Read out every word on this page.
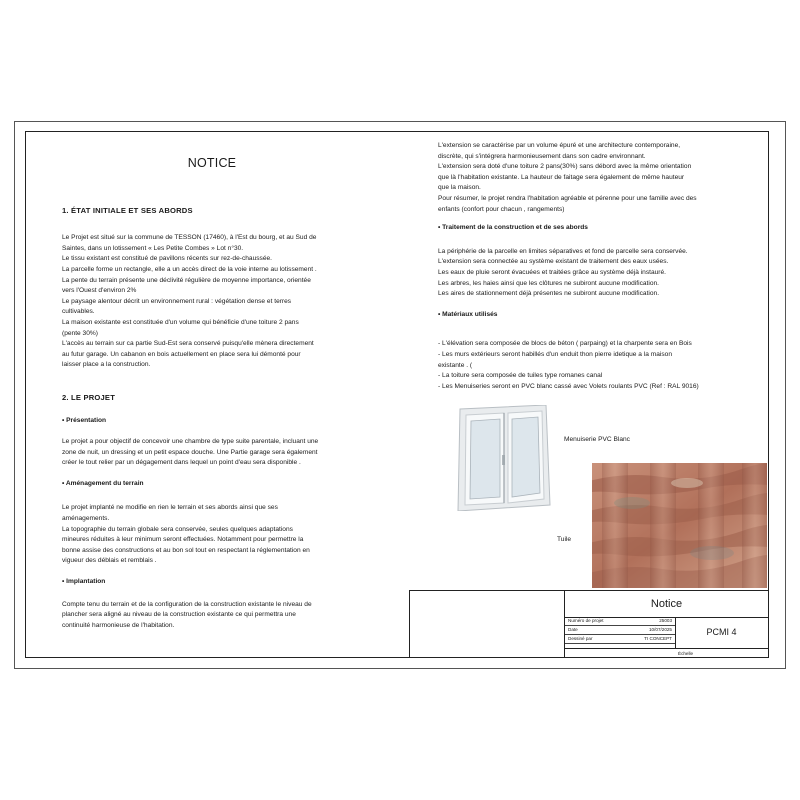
NOTICE
1. ÉTAT INITIALE ET SES ABORDS

Le Projet est situé sur la commune de TESSON (17460), à l'Est du bourg, et au Sud de

Saintes, dans un lotissement « Les Petite Combes » Lot n°30.

Le tissu existant est constitué de pavillons récents sur rez-de-chaussée.

La parcelle forme un rectangle, elle a un accès direct de la voie interne au lotissement .

La pente du terrain présente une déclivité régulière de moyenne importance, orientée

vers l'Ouest d'environ 2%

Le paysage alentour décrit un environnement rural : végétation dense et terres

cultivables.

La maison existante est constituée d'un volume qui bénéficie d'une toiture 2 pans

(pente 30%)

L'accès au terrain sur ca partie Sud-Est sera conservé puisqu'elle mènera directement

au futur garage. Un cabanon en bois actuellement en place sera lui démonté pour

laisser place a la construction.

2. LE PROJET
• Présentation

Le projet a pour objectif de concevoir une chambre de type suite parentale, incluant une

zone de nuit, un dressing et un petit espace douche. Une Partie garage sera également

créer le tout relier par un dégagement dans lequel un point d'eau sera disponible .

• Aménagement du terrain

Le projet implanté ne modifie en rien le terrain et ses abords ainsi que ses

aménagements.

La topographie du terrain globale sera conservée, seules quelques adaptations

mineures réduites à leur minimum seront effectuées. Notamment pour permettre la

bonne assise des constructions et au bon sol tout en respectant la réglementation en

vigueur des déblais et remblais .

• Implantation

Compte tenu du terrain et de la configuration de la construction existante le niveau de

plancher sera aligné au niveau de la construction existante ce qui permettra une

continuité harmonieuse de l'habitation.

L'extension se caractérise par un volume épuré et une architecture contemporaine,

discrète, qui s'intégrera harmonieusement dans son cadre environnant.

L'extension sera doté d'une toiture 2 pans(30%) sans débord avec la même orientation

que là l'habitation existante. La hauteur de faitage sera également de même hauteur

que la maison.

Pour résumer, le projet rendra l'habitation agréable et pérenne pour une famille avec des

enfants (confort pour chacun , rangements)

• Traitement de la construction et de ses abords

La périphérie de la parcelle en limites séparatives et fond de parcelle sera conservée.

L'extension sera connectée au système existant de traitement des eaux usées.

Les eaux de pluie seront évacuées et traitées grâce au système déjà instauré.

Les arbres, les haies ainsi que les clôtures ne subiront aucune modification.

Les aires de stationnement déjà présentes ne subiront aucune modification.

• Matériaux utilisés

- L'élévation sera composée de blocs de béton ( parpaing) et la charpente sera en Bois

- Les murs extérieurs seront habillés d'un enduit thon pierre idetique a la maison

existante . (

- La toiture sera composée de tuiles type romanes canal

- Les Menuiseries seront en PVC blanc cassé avec Volets roulants PVC (Ref : RAL 9016)

Menuiserie PVC Blanc
Tuile
Notice
Numéro de projet	25003
Date	10/07/2025
Dessiné par	TI CONCEPT
PCMI 4
Échelle
